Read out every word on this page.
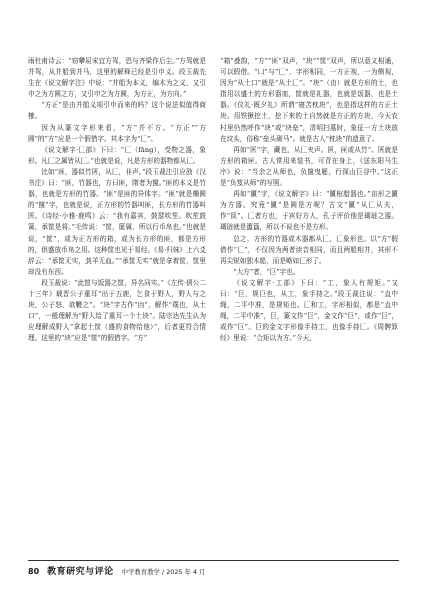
雨杜甫诗云：“窃攀屈宋宜方驾，恐与齐梁作后尘。”方驾就是并驾，从并船到并马，这里的解释已经是引申义。段玉裁先生在《说文解字注》中说：“并船为本义，编木为之义，又引申之为方圆之方，又引申之为方圆，为方正，为方向。”

“方正”是由并船义项引申而来的吗？这个说法似值得商榷。

因为从篆文字形来看，“方”并不方。“方正”“方圆”的“方”应是一个假借字。其本字为“匚”。

《说文解字·匚部》下曰：“匚（fāng），受物之器，象形。凡匚之属皆从匚。”也就是说，凡是方形的器物都从匚。

比如“匪，器似竹匧，从匚，非声。”段玉裁注引应劭《汉书注》曰：“匪，竹器也，方曰匪，隋者为箧。”匪的本义是竹器，也就是方形的竹器。“匪”是匪的异体字。“匪”就是椭圆的“箧”字，也就是说，正方形的竹器叫匪，长方形的竹器叫匧。《诗经·小雅·鹿鸣》云：“我有嘉宾，鼓瑟吹笙。吹笙鼓簧，承筐是将。”毛传说：“筐，篚属，所以行币帛也。”也就是说，“筐”，或为正方形的箱，或为长方形的匪，都是方形的，供盛放币帛之用。这种筐也见于易经。《易·归妹》上六爻辞云：“承筐无实，刲羊无血。”“承筐无实”就是拿着筐，筐里却没有东西。

段玉裁说：“此筐与饭器之筐，异名同实。”《左传·僖公二十三年》载晋公子重耳“出于五鹿，乞食于野人，野人与之块，公子怒，欲鞭之”。“块”字古作“凷”，解作“璞也，从土口”，一般理解为“野人给了重耳一个土块”。陆宗达先生认为应理解成野人“拿起土筐（盛的食物给他）”，后者更符合情理。这里的“块”应是“筐”的假借字。“方”

“箱”叠韵，“方”“匪”双声，“块”“筐”双声，所以意义相通，可以假借。“凵”与“匚”，字形相同，一方正视，一为侧视，因为“从土口”就是“从土匚”。“块”（由）就是方形的土，也指用以盛土的方形器皿，筐就是礼器，也就是饭器，也是土器。《仪礼·既夕礼》所谓“寝苫枕块”，也是指这样的方正土块。用铁锹挖土，挖下来的土自然就是方正的方块，今天农村里仍然呼作“块”或“块垒”，清明扫墓时，象征一方土块放在坟头，俗称“垒头砌马”。就是古人“枕块”的遗意了。

再如“匧”字，藏也，从匚夹声。匧，匣或从竹”。匧就是方形的箱匣。古人常用来装书，可背在身上，《送东阳马生序》说：“当余之从师也，负箧曳屣，行深山巨谷中。”这正是“负笈从师”的写照。

再如“匵”字，《说文解字》曰：“匵棺腊器也。”亩形之匵为方器。究竟“匵”是圆是方呢？古文“匵”从匚从夫，作“匩”。匚者方也，于宾好方人，孔子评价他是瑚琏之器。瑚琏就是簠簋，所以不说也不是方形。

总之，方形的竹器或木器都从匚，匚象形也。以“方”假借作“匚”，不仅因为两者读音相同，而且两船相并，其形不再尖锐如独木船，而是略如匚形了。

“大方”者，“巨”字也。

《说文解字·工部》下曰：“工，象人有规矩。”又曰：“巨，规巨也，从工，象手持之。”段玉裁注说：“直中绳，二平中准，是规矩也。匚和工，字形相似，都是“直中绳，二平中准”，巨，篆文作“巨”，金文作“巨”，或作“巨”，或作“巨”。巨的金文字形像手持工，也像手持匚。《周髀算经》里说：“合矩以为方。”今天，

80 教育研究与评论 中学教育教学 / 2025 年 4 月
